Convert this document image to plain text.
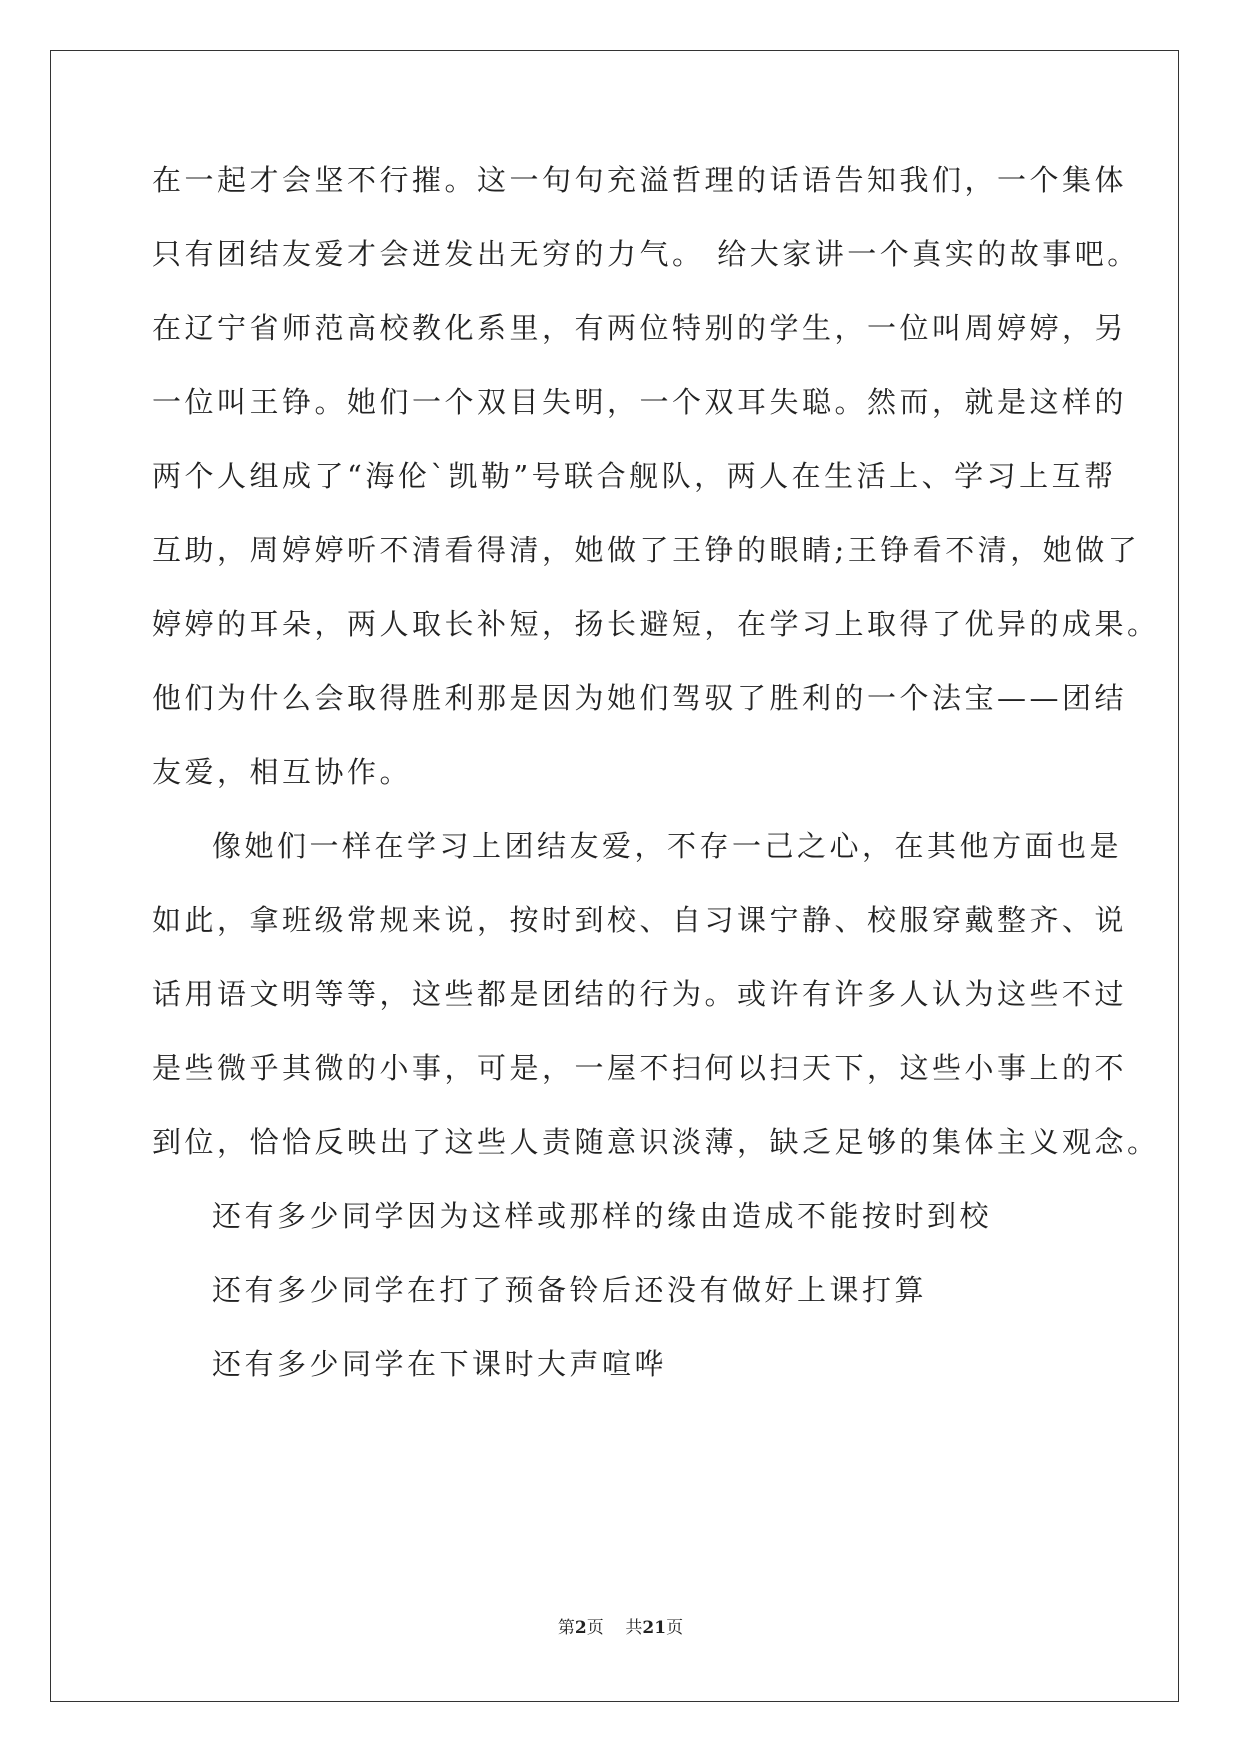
在一起才会坚不行摧。这一句句充溢哲理的话语告知我们，一个集体
只有团结友爱才会迸发出无穷的力气。 给大家讲一个真实的故事吧。
在辽宁省师范高校教化系里，有两位特别的学生，一位叫周婷婷，另
一位叫王铮。她们一个双目失明，一个双耳失聪。然而，就是这样的
两个人组成了“海伦`凯勒”号联合舰队，两人在生活上、学习上互帮
互助，周婷婷听不清看得清，她做了王铮的眼睛;王铮看不清，她做了
婷婷的耳朵，两人取长补短，扬长避短，在学习上取得了优异的成果。
他们为什么会取得胜利那是因为她们驾驭了胜利的一个法宝——团结
友爱，相互协作。
像她们一样在学习上团结友爱，不存一己之心，在其他方面也是
如此，拿班级常规来说，按时到校、自习课宁静、校服穿戴整齐、说
话用语文明等等，这些都是团结的行为。或许有许多人认为这些不过
是些微乎其微的小事，可是，一屋不扫何以扫天下，这些小事上的不
到位，恰恰反映出了这些人责随意识淡薄，缺乏足够的集体主义观念。
还有多少同学因为这样或那样的缘由造成不能按时到校
还有多少同学在打了预备铃后还没有做好上课打算
还有多少同学在下课时大声喧哗
第2页 共21页
